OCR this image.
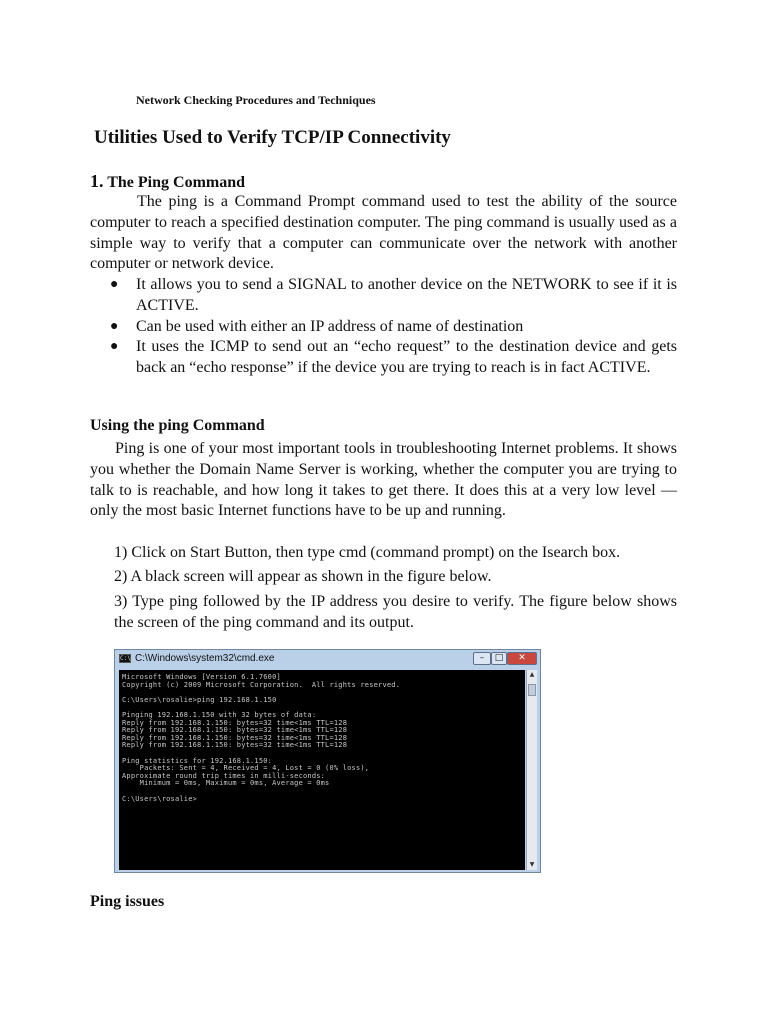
Network Checking Procedures and Techniques
Utilities Used to Verify TCP/IP Connectivity
1. The Ping Command

The ping is a Command Prompt command used to test the ability of the source computer to reach a specified destination computer. The ping command is usually used as a simple way to verify that a computer can communicate over the network with another computer or network device.

● It allows you to send a SIGNAL to another device on the NETWORK to see if it is ACTIVE.
● Can be used with either an IP address of name of destination
● It uses the ICMP to send out an “echo request” to the destination device and gets back an “echo response” if the device you are trying to reach is in fact ACTIVE.
Using the ping Command

Ping is one of your most important tools in troubleshooting Internet problems. It shows you whether the Domain Name Server is working, whether the computer you are trying to talk to is reachable, and how long it takes to get there. It does this at a very low level — only the most basic Internet functions have to be up and running.

1) Click on Start Button, then type cmd (command prompt) on the Isearch box.

2) A black screen will appear as shown in the figure below.

3) Type ping followed by the IP address you desire to verify. The figure below shows the screen of the ping command and its output.

C:\ C:\Windows\system32\cmd.exe	–	□	✕
Microsoft Windows [Version 6.1.7600]
Copyright (c) 2009 Microsoft Corporation.  All rights reserved.
C:\Users\rosalie>ping 192.168.1.150
Pinging 192.168.1.150 with 32 bytes of data:
Reply from 192.168.1.150: bytes=32 time<1ms TTL=128
Reply from 192.168.1.150: bytes=32 time<1ms TTL=128
Reply from 192.168.1.150: bytes=32 time<1ms TTL=128
Reply from 192.168.1.150: bytes=32 time<1ms TTL=128
Ping statistics for 192.168.1.150:
Packets: Sent = 4, Received = 4, Lost = 0 (0% loss),
Approximate round trip times in milli-seconds:
Minimum = 0ms, Maximum = 0ms, Average = 0ms
C:\Users\rosalie>
▲
▼
Ping issues
